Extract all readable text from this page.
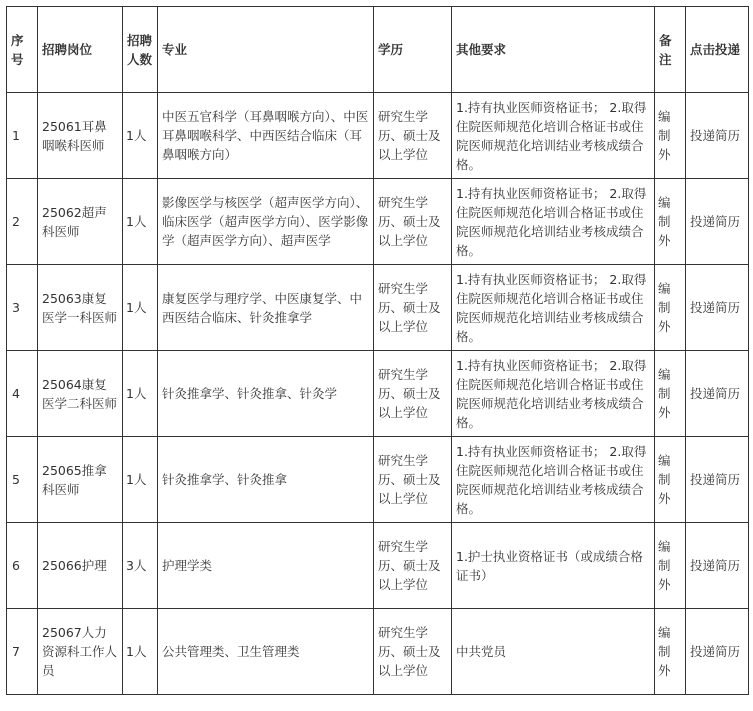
序号	招聘岗位	招聘人数	专业	学历	其他要求	备注	点击投递
1	25061耳鼻咽喉科医师	1人	中医五官科学（耳鼻咽喉方向）、中医耳鼻咽喉科学、中西医结合临床（耳鼻咽喉方向）	研究生学历、硕士及以上学位	1.持有执业医师资格证书； 2.取得住院医师规范化培训合格证书或住院医师规范化培训结业考核成绩合格。	编制外	投递简历
2	25062超声科医师	1人	影像医学与核医学（超声医学方向）、临床医学（超声医学方向）、医学影像学（超声医学方向）、超声医学	研究生学历、硕士及以上学位	1.持有执业医师资格证书； 2.取得住院医师规范化培训合格证书或住院医师规范化培训结业考核成绩合格。	编制外	投递简历
3	25063康复医学一科医师	1人	康复医学与理疗学、中医康复学、中西医结合临床、针灸推拿学	研究生学历、硕士及以上学位	1.持有执业医师资格证书； 2.取得住院医师规范化培训合格证书或住院医师规范化培训结业考核成绩合格。	编制外	投递简历
4	25064康复医学二科医师	1人	针灸推拿学、针灸推拿、针灸学	研究生学历、硕士及以上学位	1.持有执业医师资格证书； 2.取得住院医师规范化培训合格证书或住院医师规范化培训结业考核成绩合格。	编制外	投递简历
5	25065推拿科医师	1人	针灸推拿学、针灸推拿	研究生学历、硕士及以上学位	1.持有执业医师资格证书； 2.取得住院医师规范化培训合格证书或住院医师规范化培训结业考核成绩合格。	编制外	投递简历
6	25066护理	3人	护理学类	研究生学历、硕士及以上学位	1.护士执业资格证书（或成绩合格证书）	编制外	投递简历
7	25067人力资源科工作人员	1人	公共管理类、卫生管理类	研究生学历、硕士及以上学位	中共党员	编制外	投递简历
